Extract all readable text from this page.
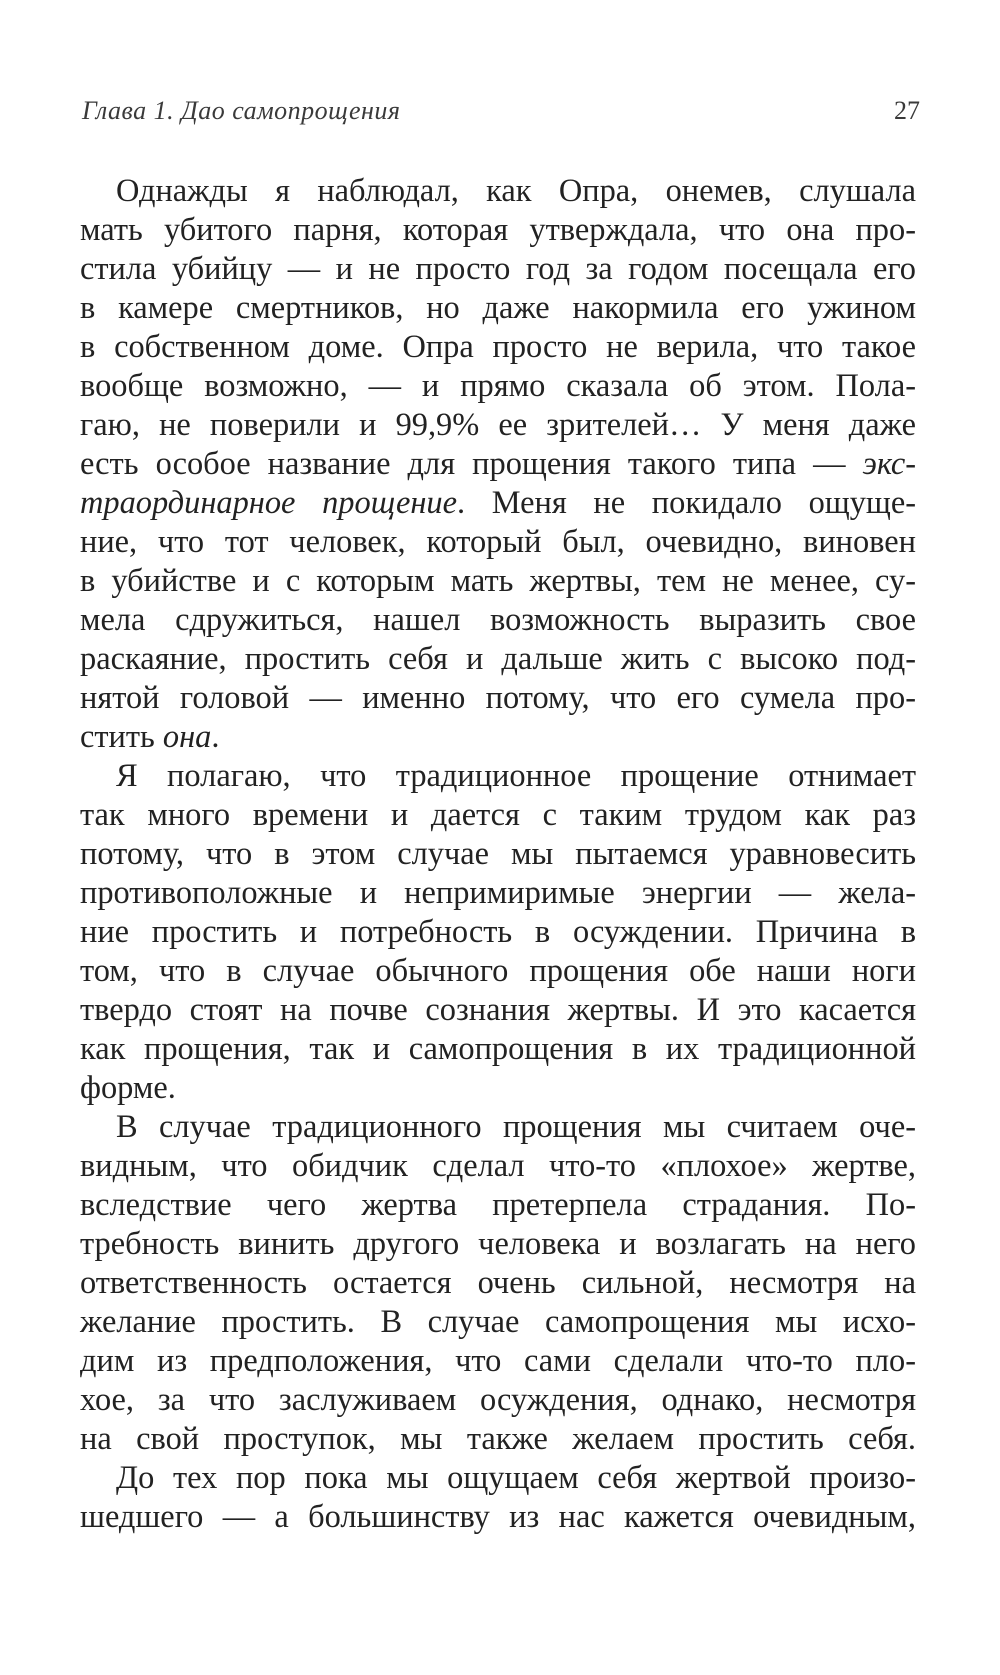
Глава 1. Дао самопрощения	27
Однажды я наблюдал, как Опра, онемев, слушала
мать убитого парня, которая утверждала, что она про-
стила убийцу — и не просто год за годом посещала его
в камере смертников, но даже накормила его ужином
в собственном доме. Опра просто не верила, что такое
вообще возможно, — и прямо сказала об этом. Пола-
гаю, не поверили и 99,9% ее зрителей… У меня даже
есть особое название для прощения такого типа — экс-
траординарное прощение. Меня не покидало ощуще-
ние, что тот человек, который был, очевидно, виновен
в убийстве и с которым мать жертвы, тем не менее, су-
мела сдружиться, нашел возможность выразить свое
раскаяние, простить себя и дальше жить с высоко под-
нятой головой — именно потому, что его сумела про-
стить она.
Я полагаю, что традиционное прощение отнимает
так много времени и дается с таким трудом как раз
потому, что в этом случае мы пытаемся уравновесить
противоположные и непримиримые энергии — жела-
ние простить и потребность в осуждении. Причина в
том, что в случае обычного прощения обе наши ноги
твердо стоят на почве сознания жертвы. И это касается
как прощения, так и самопрощения в их традиционной
форме.
В случае традиционного прощения мы считаем оче-
видным, что обидчик сделал что-то «плохое» жертве,
вследствие чего жертва претерпела страдания. По-
требность винить другого человека и возлагать на него
ответственность остается очень сильной, несмотря на
желание простить. В случае самопрощения мы исхо-
дим из предположения, что сами сделали что-то пло-
хое, за что заслуживаем осуждения, однако, несмотря
на свой проступок, мы также желаем простить себя.
До тех пор пока мы ощущаем себя жертвой произо-
шедшего — а большинству из нас кажется очевидным,
